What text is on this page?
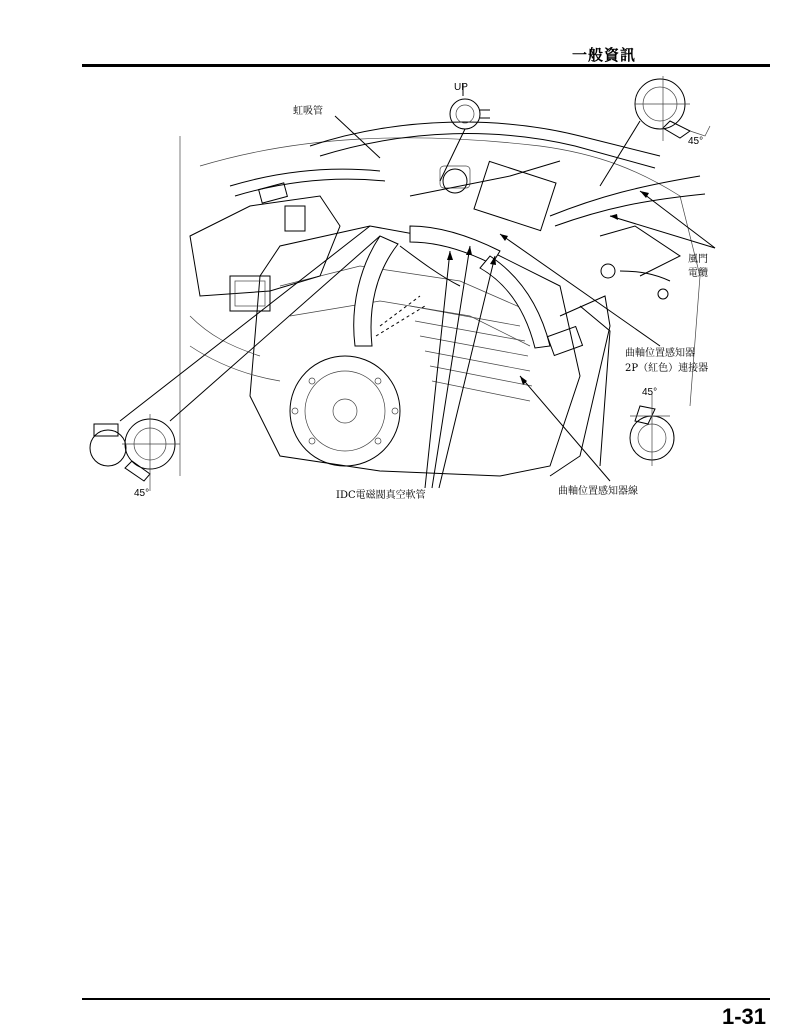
一般資訊
UP
虹吸管
45°
風門
電纜
曲軸位置感知器
2P（紅色）連接器
45°
45°	IDC電磁閥真空軟管	曲軸位置感知器線
1-31
